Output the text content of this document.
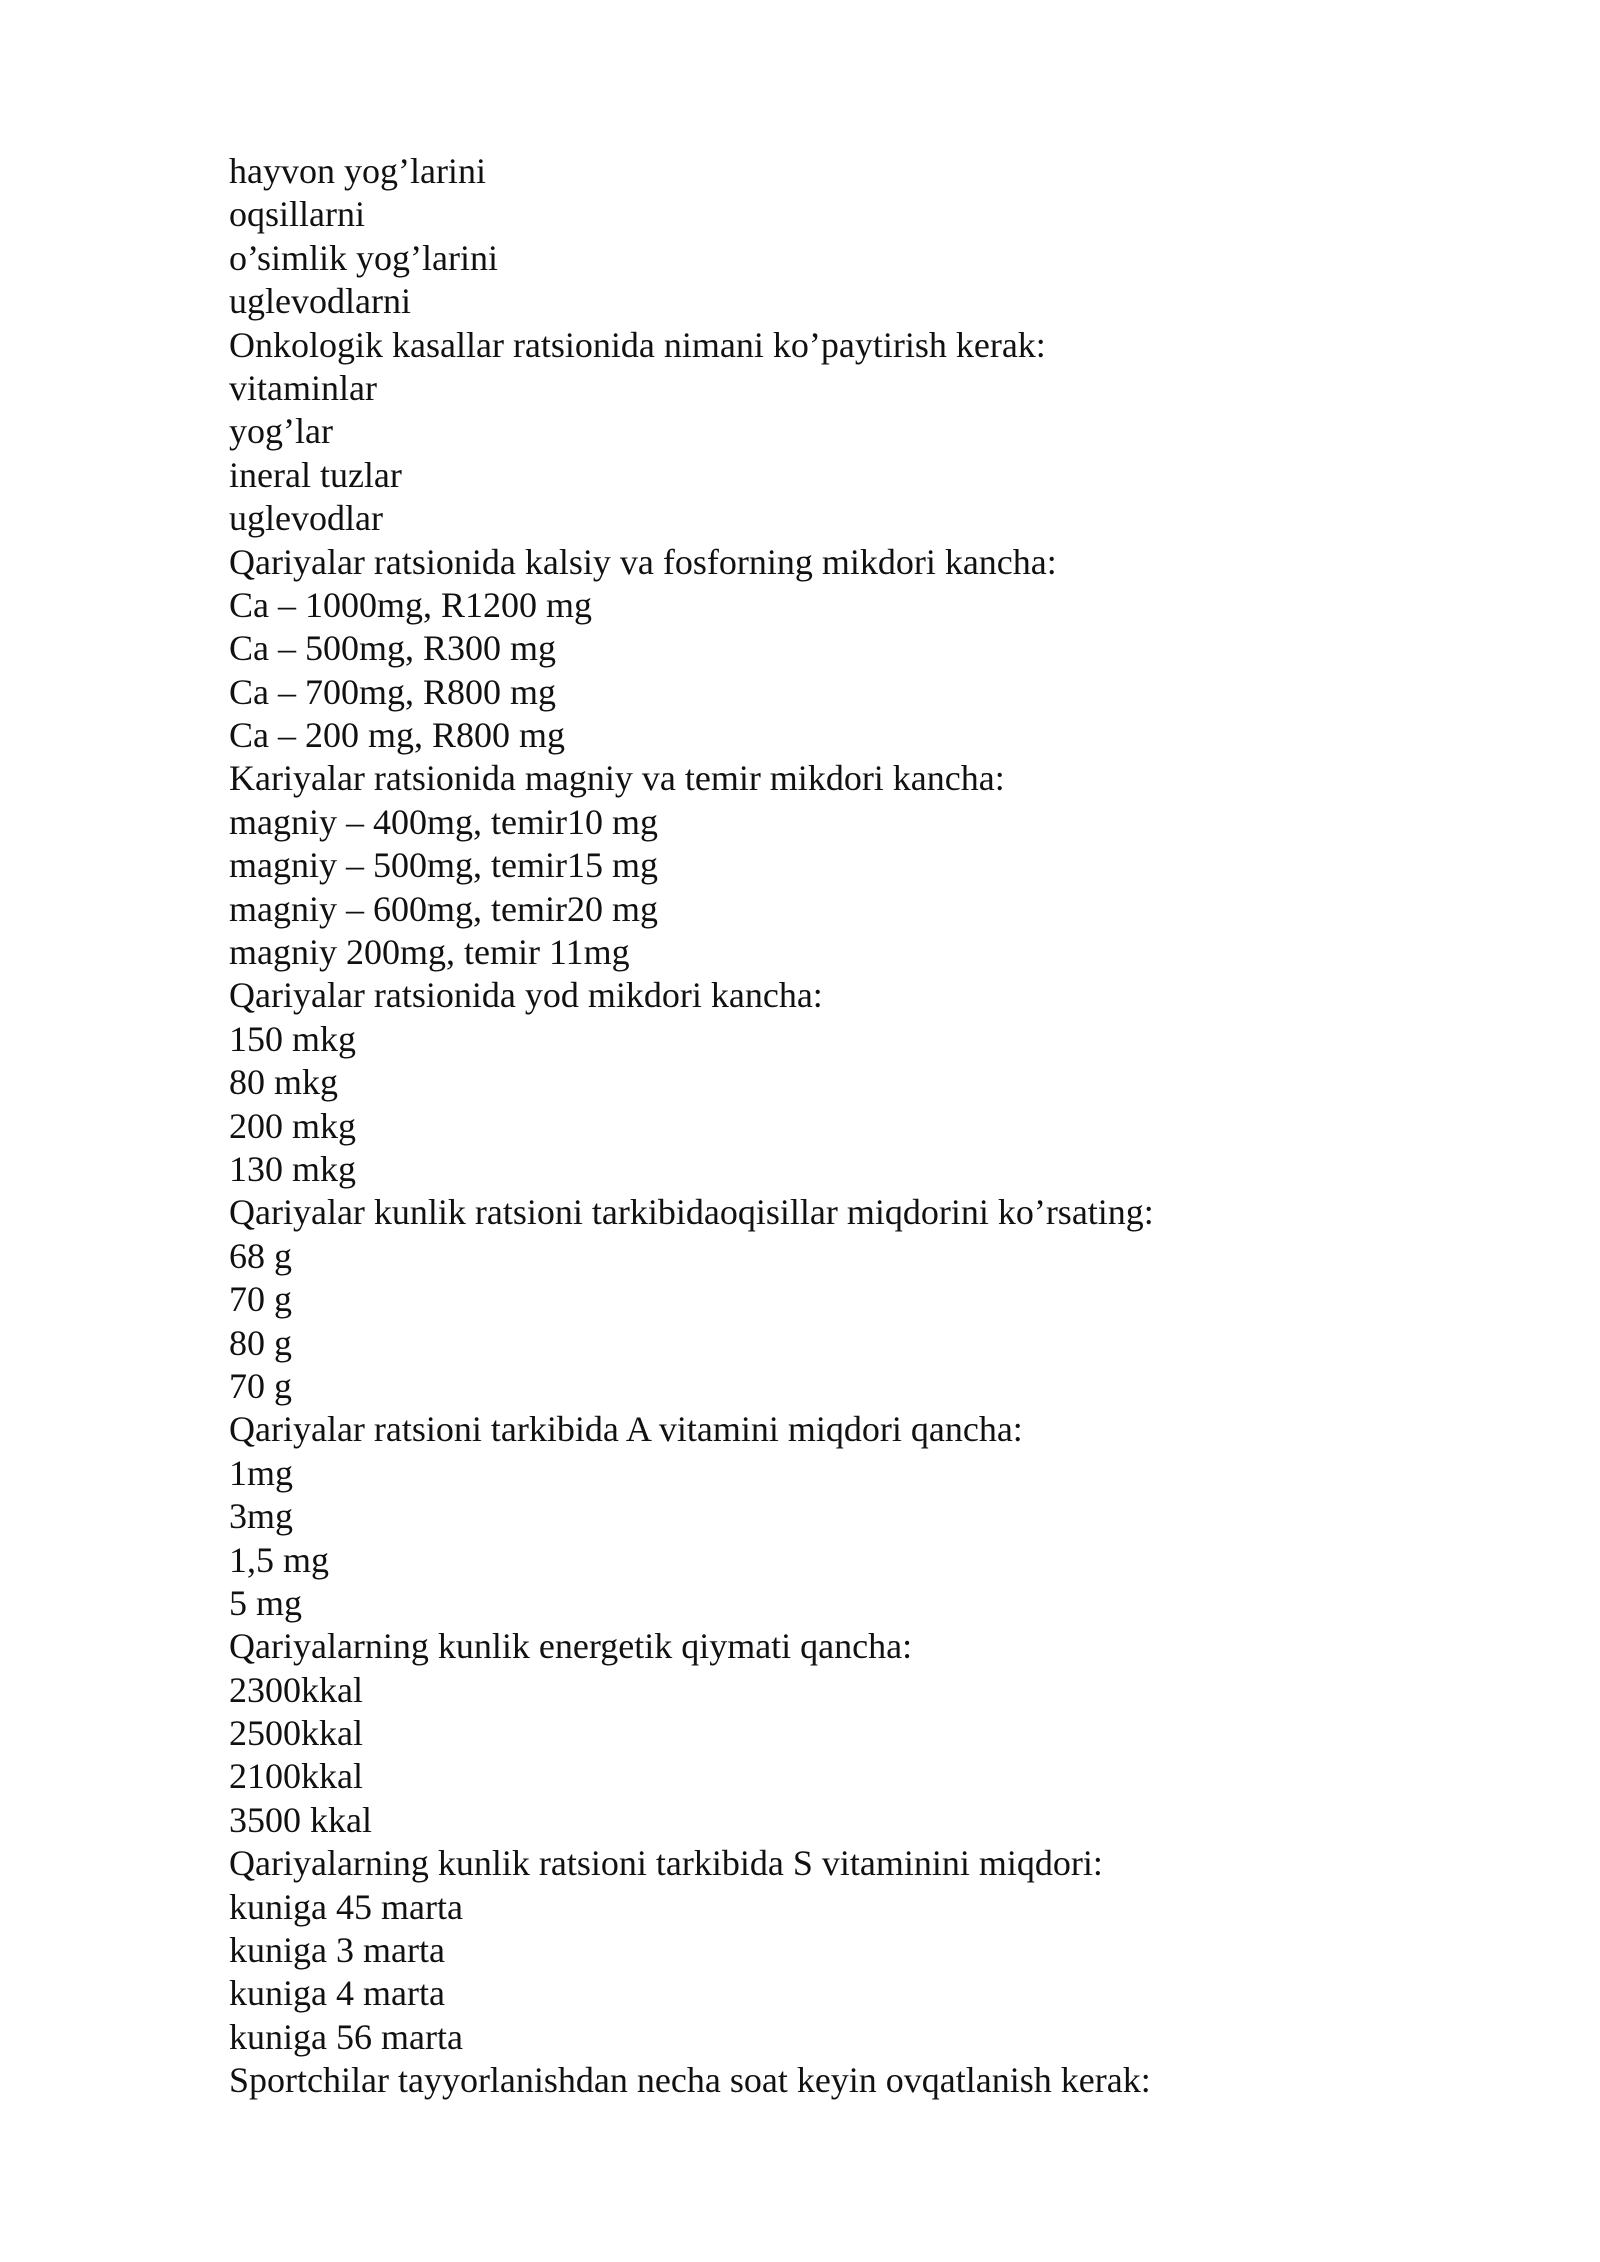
hayvon yog’larini
oqsillarni
o’simlik yog’larini
uglevodlarni
Onkologik kasallar ratsionida nimani ko’paytirish kerak:
vitaminlar
yog’lar
ineral tuzlar
uglevodlar
Qariyalar ratsionida kalsiy va fosforning mikdori kancha:
Ca – 1000mg, R1200 mg
Ca – 500mg, R300 mg
Ca – 700mg, R800 mg
Ca – 200 mg, R800 mg
Kariyalar ratsionida magniy va temir mikdori kancha:
magniy – 400mg, temir10 mg
magniy – 500mg, temir15 mg
magniy – 600mg, temir20 mg
magniy 200mg, temir 11mg
Qariyalar ratsionida yod mikdori kancha:
150 mkg
80 mkg
200 mkg
130 mkg
Qariyalar kunlik ratsioni tarkibidaoqisillar miqdorini ko’rsating:
68 g
70 g
80 g
70 g
Qariyalar ratsioni tarkibida A vitamini miqdori qancha:
1mg
3mg
1,5 mg
5 mg
Qariyalarning kunlik energetik qiymati qancha:
2300kkal
2500kkal
2100kkal
3500 kkal
Qariyalarning kunlik ratsioni tarkibida S vitaminini miqdori:
kuniga 45 marta
kuniga 3 marta
kuniga 4 marta
kuniga 56 marta
Sportchilar tayyorlanishdan necha soat keyin ovqatlanish kerak:
